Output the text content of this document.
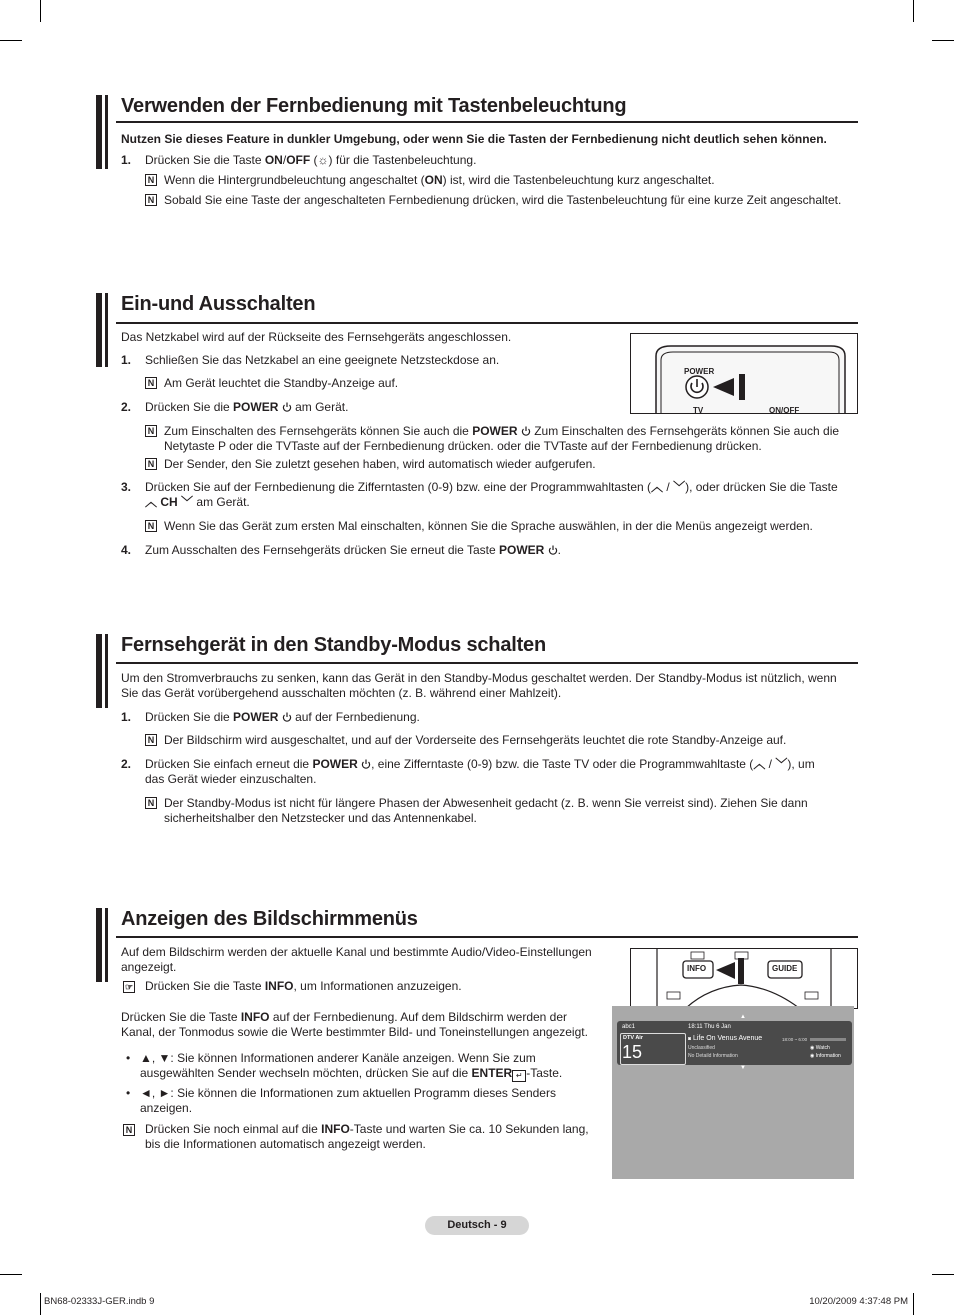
Verwenden der Fernbedienung mit Tastenbeleuchtung
Nutzen Sie dieses Feature in dunkler Umgebung, oder wenn Sie die Tasten der Fernbedienung nicht deutlich sehen können.
1. Drücken Sie die Taste ON/OFF (☼) für die Tastenbeleuchtung.
N Wenn die Hintergrundbeleuchtung angeschaltet (ON) ist, wird die Tastenbeleuchtung kurz angeschaltet.
N Sobald Sie eine Taste der angeschalteten Fernbedienung drücken, wird die Tastenbeleuchtung für eine kurze Zeit angeschaltet.
Ein-und Ausschalten
Das Netzkabel wird auf der Rückseite des Fernsehgeräts angeschlossen.
POWER
TV	ON/OFF
1. Schließen Sie das Netzkabel an eine geeignete Netzsteckdose an.
N Am Gerät leuchtet die Standby-Anzeige auf.
2. Drücken Sie die POWER  am Gerät.
N Zum Einschalten des Fernsehgeräts können Sie auch die POWER  Zum Einschalten des Fernsehgeräts können Sie auch die
Netytaste P oder die TVTaste auf der Fernbedienung drücken. oder die TVTaste auf der Fernbedienung drücken.
N Der Sender, den Sie zuletzt gesehen haben, wird automatisch wieder aufgerufen.
3. Drücken Sie auf der Fernbedienung die Zifferntasten (0-9) bzw. eine der Programmwahltasten (︿ / ﹀), oder drücken Sie die Taste
︿ CH ﹀ am Gerät.
N Wenn Sie das Gerät zum ersten Mal einschalten, können Sie die Sprache auswählen, in der die Menüs angezeigt werden.
4. Zum Ausschalten des Fernsehgeräts drücken Sie erneut die Taste POWER .
Fernsehgerät in den Standby-Modus schalten
Um den Stromverbrauchs zu senken, kann das Gerät in den Standby-Modus geschaltet werden. Der Standby-Modus ist nützlich, wenn
Sie das Gerät vorübergehend ausschalten möchten (z. B. während einer Mahlzeit).
1. Drücken Sie die POWER  auf der Fernbedienung.
N Der Bildschirm wird ausgeschaltet, und auf der Vorderseite des Fernsehgeräts leuchtet die rote Standby-Anzeige auf.
2. Drücken Sie einfach erneut die POWER , eine Zifferntaste (0-9) bzw. die Taste TV oder die Programmwahltaste (︿ / ﹀), um
das Gerät wieder einzuschalten.
N Der Standby-Modus ist nicht für längere Phasen der Abwesenheit gedacht (z. B. wenn Sie verreist sind). Ziehen Sie dann
sicherheitshalber den Netzstecker und das Antennenkabel.
Anzeigen des Bildschirmmenüs
Auf dem Bildschirm werden der aktuelle Kanal und bestimmte Audio/Video-Einstellungen
angezeigt.
☞ Drücken Sie die Taste INFO, um Informationen anzuzeigen.
Drücken Sie die Taste INFO auf der Fernbedienung. Auf dem Bildschirm werden der
Kanal, der Tonmodus sowie die Werte bestimmter Bild- und Toneinstellungen angezeigt.
• ▲, ▼: Sie können Informationen anderer Kanäle anzeigen. Wenn Sie zum
ausgewählten Sender wechseln möchten, drücken Sie auf die ENTER ↵ -Taste.
• ◄, ►: Sie können die Informationen zum aktuellen Programm dieses Senders
anzeigen.
N Drücken Sie noch einmal auf die INFO-Taste und warten Sie ca. 10 Sekunden lang,
bis die Informationen automatisch angezeigt werden.
INFO	GUIDE
▲
▼
abc1
DTV Air
15
18:11 Thu 6 Jan
◙ Life On Venus Avenue
Unclassified
No Detaild Information
18:00 ~ 6:00
◉ Watch
◉ Information
Deutsch - 9
BN68-02333J-GER.indb 9	10/20/2009 4:37:48 PM
